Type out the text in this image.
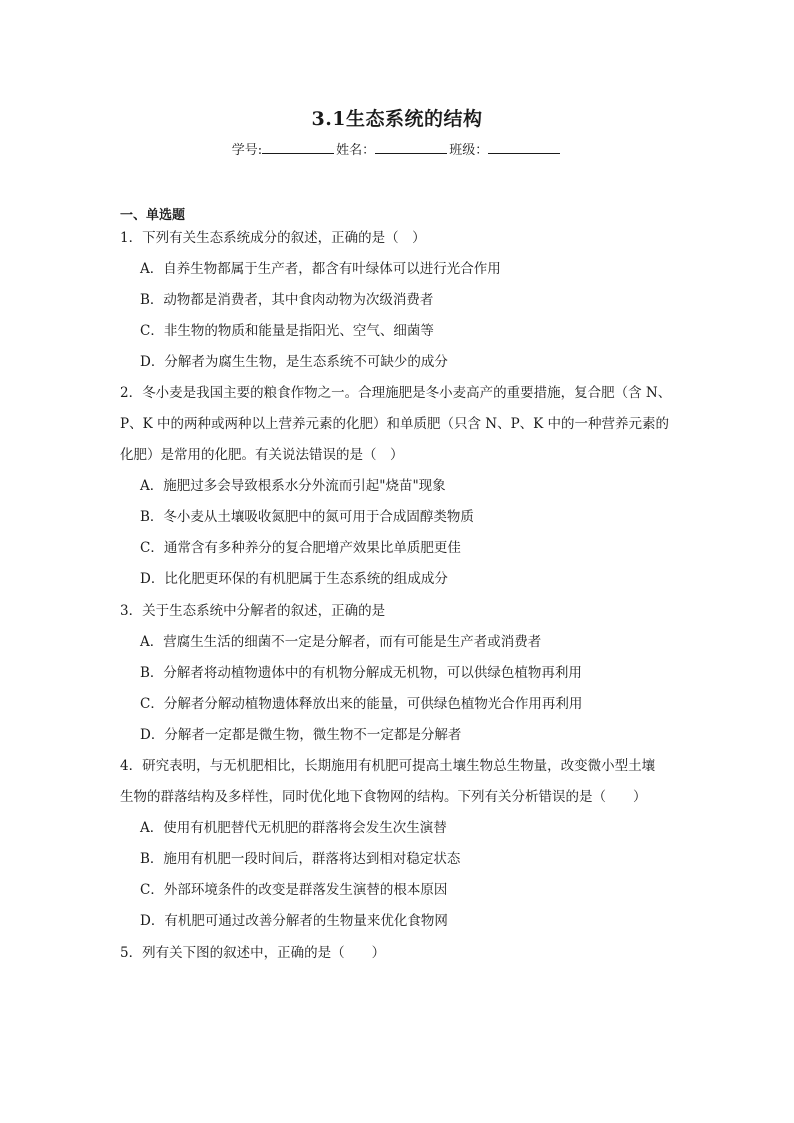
3.1生态系统的结构
学号:	姓名：	班级：
一、单选题
1．下列有关生态系统成分的叙述，正确的是（　）
A．自养生物都属于生产者，都含有叶绿体可以进行光合作用
B．动物都是消费者，其中食肉动物为次级消费者
C．非生物的物质和能量是指阳光、空气、细菌等
D．分解者为腐生生物，是生态系统不可缺少的成分
2．冬小麦是我国主要的粮食作物之一。合理施肥是冬小麦高产的重要措施，复合肥（含 N、
P、K 中的两种或两种以上营养元素的化肥）和单质肥（只含 N、P、K 中的一种营养元素的
化肥）是常用的化肥。有关说法错误的是（　）
A．施肥过多会导致根系水分外流而引起"烧苗"现象
B．冬小麦从土壤吸收氮肥中的氮可用于合成固醇类物质
C．通常含有多种养分的复合肥增产效果比单质肥更佳
D．比化肥更环保的有机肥属于生态系统的组成成分
3．关于生态系统中分解者的叙述，正确的是
A．营腐生生活的细菌不一定是分解者，而有可能是生产者或消费者
B．分解者将动植物遗体中的有机物分解成无机物，可以供绿色植物再利用
C．分解者分解动植物遗体释放出来的能量，可供绿色植物光合作用再利用
D．分解者一定都是微生物，微生物不一定都是分解者
4．研究表明，与无机肥相比，长期施用有机肥可提高土壤生物总生物量，改变微小型土壤
生物的群落结构及多样性，同时优化地下食物网的结构。下列有关分析错误的是（　　）
A．使用有机肥替代无机肥的群落将会发生次生演替
B．施用有机肥一段时间后，群落将达到相对稳定状态
C．外部环境条件的改变是群落发生演替的根本原因
D．有机肥可通过改善分解者的生物量来优化食物网
5．列有关下图的叙述中，正确的是（　　）
